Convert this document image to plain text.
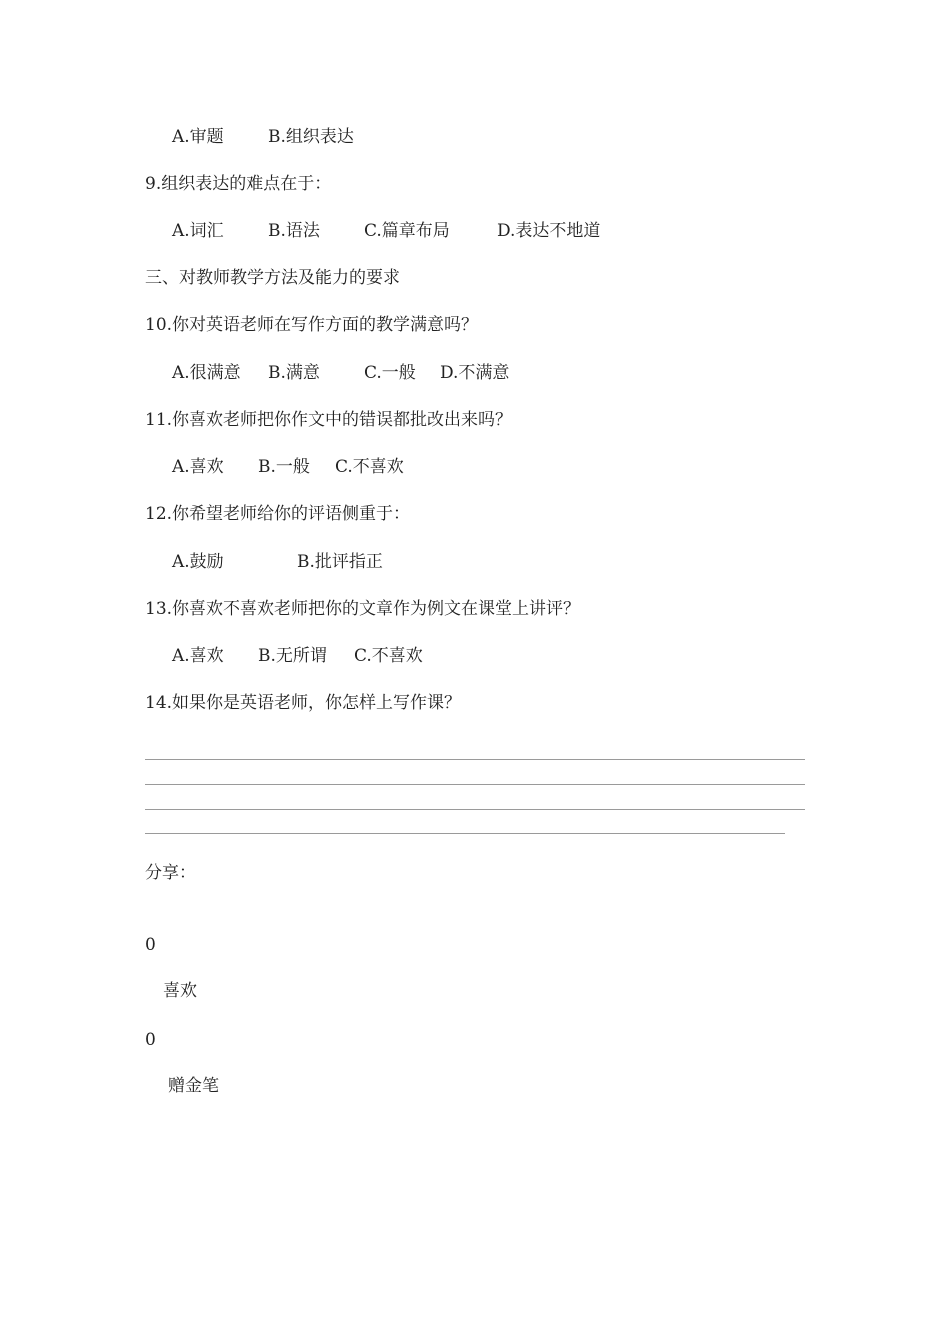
A.审题	B.组织表达
9.组织表达的难点在于：
A.词汇	B.语法	C.篇章布局	D.表达不地道
三、对教师教学方法及能力的要求
10.你对英语老师在写作方面的教学满意吗？
A.很满意 B.满意	C.一般 D.不满意
11.你喜欢老师把你作文中的错误都批改出来吗？
A.喜欢 B.一般 C.不喜欢
12.你希望老师给你的评语侧重于：
A.鼓励	B.批评指正
13.你喜欢不喜欢老师把你的文章作为例文在课堂上讲评？
A.喜欢 B.无所谓 C.不喜欢
14.如果你是英语老师，你怎样上写作课？
分享：
0
喜欢
0
赠金笔
